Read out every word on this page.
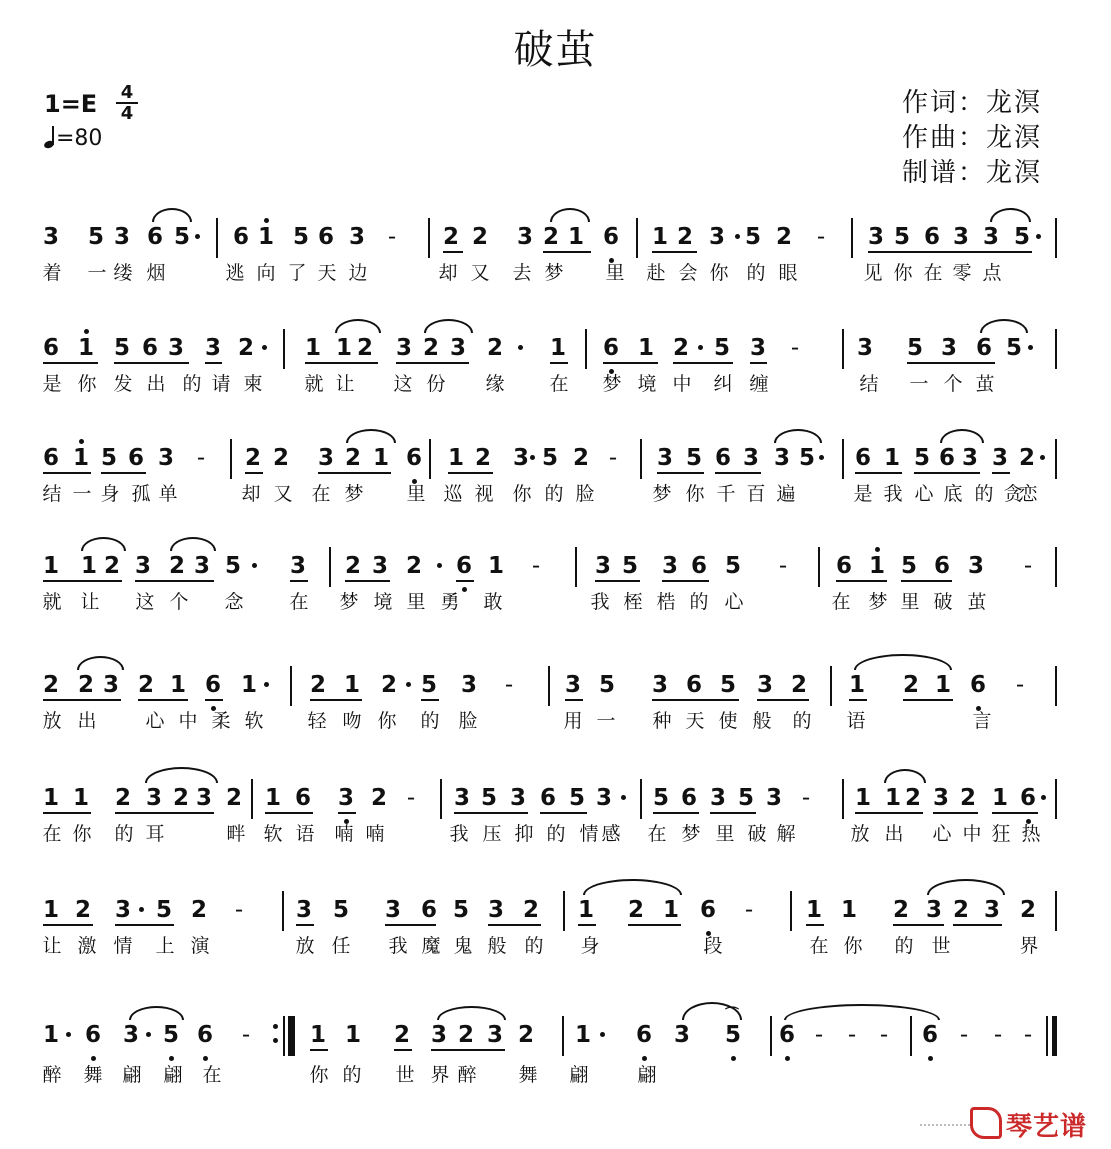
破茧
1=E 4
4
=80
作词：龙溟
作曲：龙溟
制谱：龙溟
3 5 3 6 5 6 1 5 6 3 - 2 2 3 2 1 6 1 2 3 5 2 - 3 5 6 3 3 5
着 一 缕 烟	逃 向 了 天 边	却 又 去 梦 里 赴 会 你 的 眼	见 你 在 零 点
6 1 5 6 3 3 2 1 1 2 3 2 3 2 1 6 1 2 5 3 -	3 5 3 6 5
是 你 发 出 的 请 柬 就 让 这 份 缘 在 梦 境 中 纠 缠	结 一 个 茧
6 1 5 6 3 - 2 2 3 2 1 6 1 2 3 5 2 - 3 5 6 3 3 5 6 1 5 6 3 3 2
结 一 身 孤 单	却 又 在 梦 里 巡 视 你 的 脸	梦 你 千 百 遍	是 我 心 底 的 贪
恋
1 1 2 3 2 3 5 3 2 3 2 6 1 - 3 5 3 6 5 - 6 1 5 6 3 -
就 让 这 个 念 在 梦 境 里 勇 敢	我 桎 梏 的 心	在 梦 里 破 茧
2 2 3 2 1 6 1 2 1 2 5 3 - 3 5 3 6 5 3 2 1 2 1 6 -
放 出	心 中 柔 软 轻 吻 你 的 脸	用 一 种 天 使 般 的 语	言
1 1 2 3 2 3 2 1 6 3 2 - 3 5 3 6 5 3 5 6 3 5 3 - 1 1 2 3 2 1 6
在 你 的 耳	畔 软 语 喃 喃	我 压 抑 的 情 感 在 梦 里 破 解	放 出 心 中 狂 热
1 2 3 5 2 - 3 5 3 6 5 3 2 1 2 1 6 - 1 1 2 3 2 3 2
让 激 情 上 演	放 任 我 魔 鬼 般 的 身	段	在 你 的 世	界
1 6 3 5 6 -	1 1 2 3 2 3 2 1 6 3 5
⌒
6 - - - 6 - - -
醉 舞 翩 翩 在	你 的 世 界 醉 舞 翩	翩
琴艺谱
